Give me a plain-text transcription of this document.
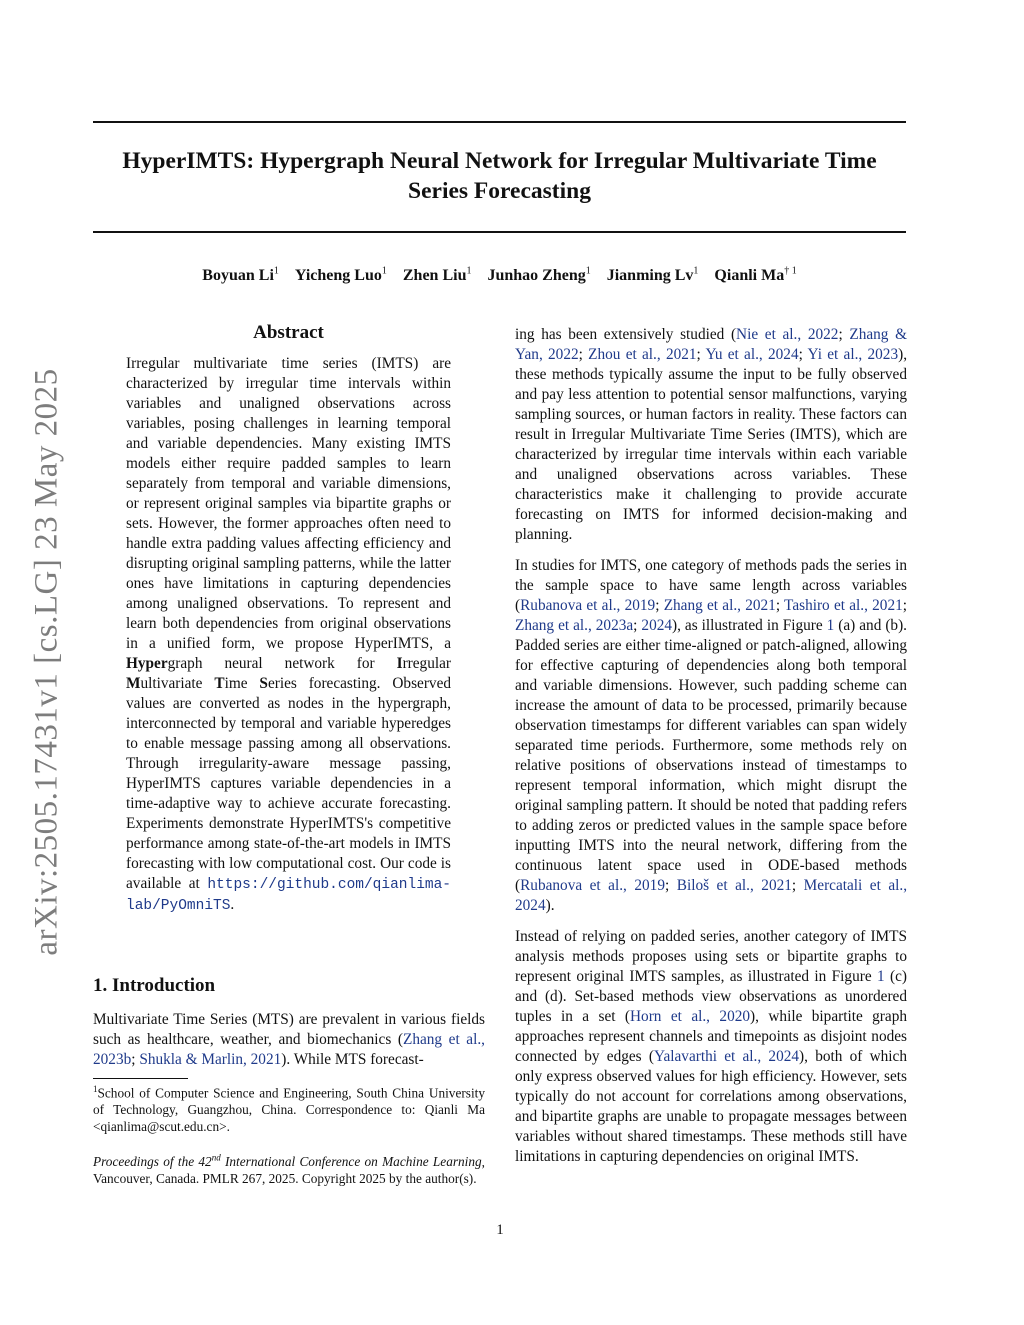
HyperIMTS: Hypergraph Neural Network for Irregular Multivariate Time
Series Forecasting
Boyuan Li$^1$ Yicheng Luo$^1$ Zhen Liu$^1$ Junhao Zheng$^1$ Jianming Lv$^1$ Qianli Ma$^{\dagger 1}$
arXiv:2505.17431v1 [cs.LG] 23 May 2025
Abstract
Irregular multivariate time series (IMTS) are characterized by irregular time intervals within variables and unaligned observations across variables, posing challenges in learning temporal and variable dependencies. Many existing IMTS models either require padded samples to learn separately from temporal and variable dimensions, or represent original samples via bipartite graphs or sets. However, the former approaches often need to handle extra padding values affecting efficiency and disrupting original sampling patterns, while the latter ones have limitations in capturing dependencies among unaligned observations. To represent and learn both dependencies from original observations in a unified form, we propose HyperIMTS, a Hypergraph neural network for Irregular Multivariate Time Series forecasting. Observed values are converted as nodes in the hypergraph, interconnected by temporal and variable hyperedges to enable message passing among all observations. Through irregularity-aware message passing, HyperIMTS captures variable dependencies in a time-adaptive way to achieve accurate forecasting. Experiments demonstrate HyperIMTS's competitive performance among state-of-the-art models in IMTS forecasting with low computational cost. Our code is available at https://github.com/qianlima-lab/PyOmniTS.
1. Introduction
Multivariate Time Series (MTS) are prevalent in various fields such as healthcare, weather, and biomechanics (Zhang et al., 2023b; Shukla & Marlin, 2021). While MTS forecast-
$^1$School of Computer Science and Engineering, South China University of Technology, Guangzhou, China. Correspondence to: Qianli Ma <qianlima@scut.edu.cn>.
Proceedings of the 42nd International Conference on Machine Learning, Vancouver, Canada. PMLR 267, 2025. Copyright 2025 by the author(s).

ing has been extensively studied (Nie et al., 2022; Zhang & Yan, 2022; Zhou et al., 2021; Yu et al., 2024; Yi et al., 2023), these methods typically assume the input to be fully observed and pay less attention to potential sensor malfunctions, varying sampling sources, or human factors in reality. These factors can result in Irregular Multivariate Time Series (IMTS), which are characterized by irregular time intervals within each variable and unaligned observations across variables. These characteristics make it challenging to provide accurate forecasting on IMTS for informed decision-making and planning.

In studies for IMTS, one category of methods pads the series in the sample space to have same length across variables (Rubanova et al., 2019; Zhang et al., 2021; Tashiro et al., 2021; Zhang et al., 2023a; 2024), as illustrated in Figure 1 (a) and (b). Padded series are either time-aligned or patch-aligned, allowing for effective capturing of dependencies along both temporal and variable dimensions. However, such padding scheme can increase the amount of data to be processed, primarily because observation timestamps for different variables can span widely separated time periods. Furthermore, some methods rely on relative positions of observations instead of timestamps to represent temporal information, which might disrupt the original sampling pattern. It should be noted that padding refers to adding zeros or predicted values in the sample space before inputting IMTS into the neural network, differing from the continuous latent space used in ODE-based methods (Rubanova et al., 2019; Biloš et al., 2021; Mercatali et al., 2024).

Instead of relying on padded series, another category of IMTS analysis methods proposes using sets or bipartite graphs to represent original IMTS samples, as illustrated in Figure 1 (c) and (d). Set-based methods view observations as unordered tuples in a set (Horn et al., 2020), while bipartite graph approaches represent channels and timepoints as disjoint nodes connected by edges (Yalavarthi et al., 2024), both of which only express observed values for high efficiency. However, sets typically do not account for correlations among observations, and bipartite graphs are unable to propagate messages between variables without shared timestamps. These methods still have limitations in capturing dependencies on original IMTS.

1
